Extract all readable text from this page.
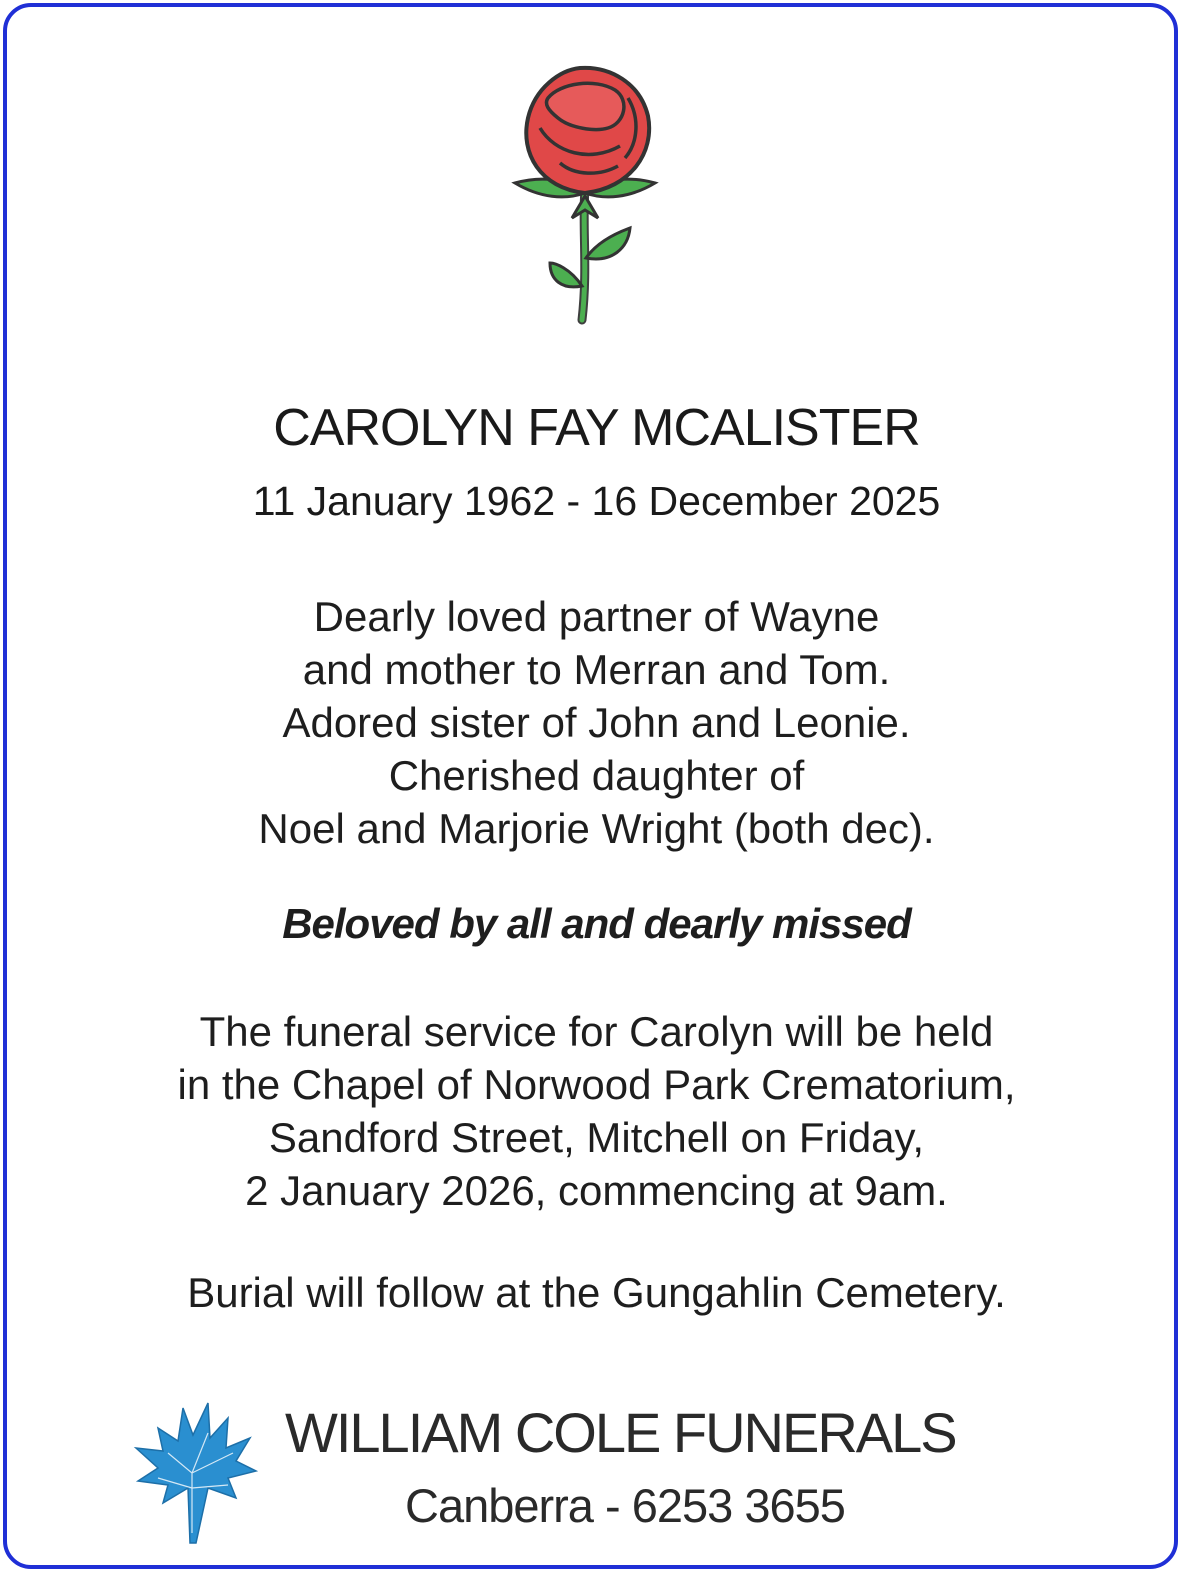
CAROLYN FAY MCALISTER
11 January 1962 - 16 December 2025
Dearly loved partner of Wayne
and mother to Merran and Tom.
Adored sister of John and Leonie.
Cherished daughter of
Noel and Marjorie Wright (both dec).
Beloved by all and dearly missed
The funeral service for Carolyn will be held
in the Chapel of Norwood Park Crematorium,
Sandford Street, Mitchell on Friday,
2 January 2026, commencing at 9am.
Burial will follow at the Gungahlin Cemetery.
WILLIAM COLE FUNERALS
Canberra - 6253 3655
